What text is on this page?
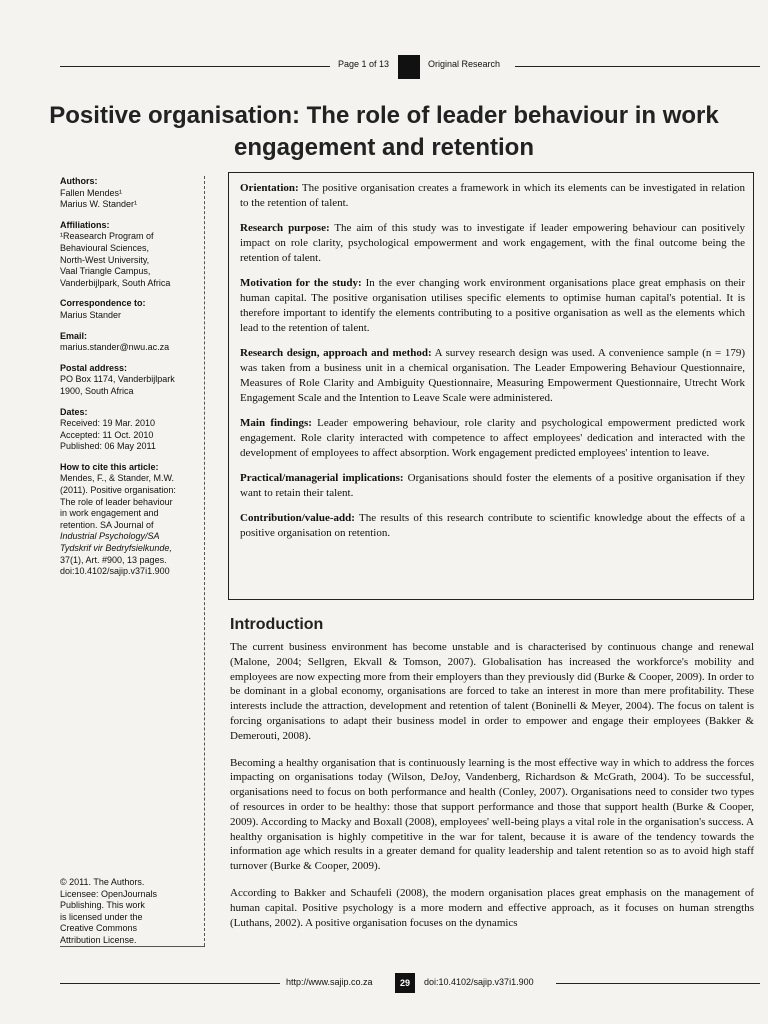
Page 1 of 13	Original Research
Positive organisation: The role of leader behaviour in work engagement and retention
Authors:
Fallen Mendes¹
Marius W. Stander¹
Affiliations:
¹Reasearch Program of
Behavioural Sciences,
North-West University,
Vaal Triangle Campus,
Vanderbijlpark, South Africa
Correspondence to:
Marius Stander
Email:
marius.stander@nwu.ac.za
Postal address:
PO Box 1174, Vanderbijlpark
1900, South Africa
Dates:
Received: 19 Mar. 2010
Accepted: 11 Oct. 2010
Published: 06 May 2011
How to cite this article:
Mendes, F., & Stander, M.W.
(2011). Positive organisation:
The role of leader behaviour
in work engagement and
retention. SA Journal of
Industrial Psychology/SA
Tydskrif vir Bedryfsielkunde,
37(1), Art. #900, 13 pages.
doi:10.4102/sajip.v37i1.900
© 2011. The Authors.
Licensee: OpenJournals
Publishing. This work
is licensed under the
Creative Commons
Attribution License.

Orientation: The positive organisation creates a framework in which its elements can be investigated in relation to the retention of talent.

Research purpose: The aim of this study was to investigate if leader empowering behaviour can positively impact on role clarity, psychological empowerment and work engagement, with the final outcome being the retention of talent.

Motivation for the study: In the ever changing work environment organisations place great emphasis on their human capital. The positive organisation utilises specific elements to optimise human capital's potential. It is therefore important to identify the elements contributing to a positive organisation as well as the elements which lead to the retention of talent.

Research design, approach and method: A survey research design was used. A convenience sample (n = 179) was taken from a business unit in a chemical organisation. The Leader Empowering Behaviour Questionnaire, Measures of Role Clarity and Ambiguity Questionnaire, Measuring Empowerment Questionnaire, Utrecht Work Engagement Scale and the Intention to Leave Scale were administered.

Main findings: Leader empowering behaviour, role clarity and psychological empowerment predicted work engagement. Role clarity interacted with competence to affect employees' dedication and interacted with the development of employees to affect absorption. Work engagement predicted employees' intention to leave.

Practical/managerial implications: Organisations should foster the elements of a positive organisation if they want to retain their talent.

Contribution/value-add: The results of this research contribute to scientific knowledge about the effects of a positive organisation on retention.

Introduction

The current business environment has become unstable and is characterised by continuous change and renewal (Malone, 2004; Sellgren, Ekvall & Tomson, 2007). Globalisation has increased the workforce's mobility and employees are now expecting more from their employers than they previously did (Burke & Cooper, 2009). In order to be dominant in a global economy, organisations are forced to take an interest in more than mere profitability. These interests include the attraction, development and retention of talent (Boninelli & Meyer, 2004). The focus on talent is forcing organisations to adapt their business model in order to empower and engage their employees (Bakker & Demerouti, 2008).

Becoming a healthy organisation that is continuously learning is the most effective way in which to address the forces impacting on organisations today (Wilson, DeJoy, Vandenberg, Richardson & McGrath, 2004). To be successful, organisations need to focus on both performance and health (Conley, 2007). Organisations need to consider two types of resources in order to be healthy: those that support performance and those that support health (Burke & Cooper, 2009). According to Macky and Boxall (2008), employees' well-being plays a vital role in the organisation's success. A healthy organisation is highly competitive in the war for talent, because it is aware of the tendency towards the information age which results in a greater demand for quality leadership and talent retention so as to avoid high staff turnover (Burke & Cooper, 2009).

According to Bakker and Schaufeli (2008), the modern organisation places great emphasis on the management of human capital. Positive psychology is a more modern and effective approach, as it focuses on human strengths (Luthans, 2002). A positive organisation focuses on the dynamics

http://www.sajip.co.za	29	doi:10.4102/sajip.v37i1.900
